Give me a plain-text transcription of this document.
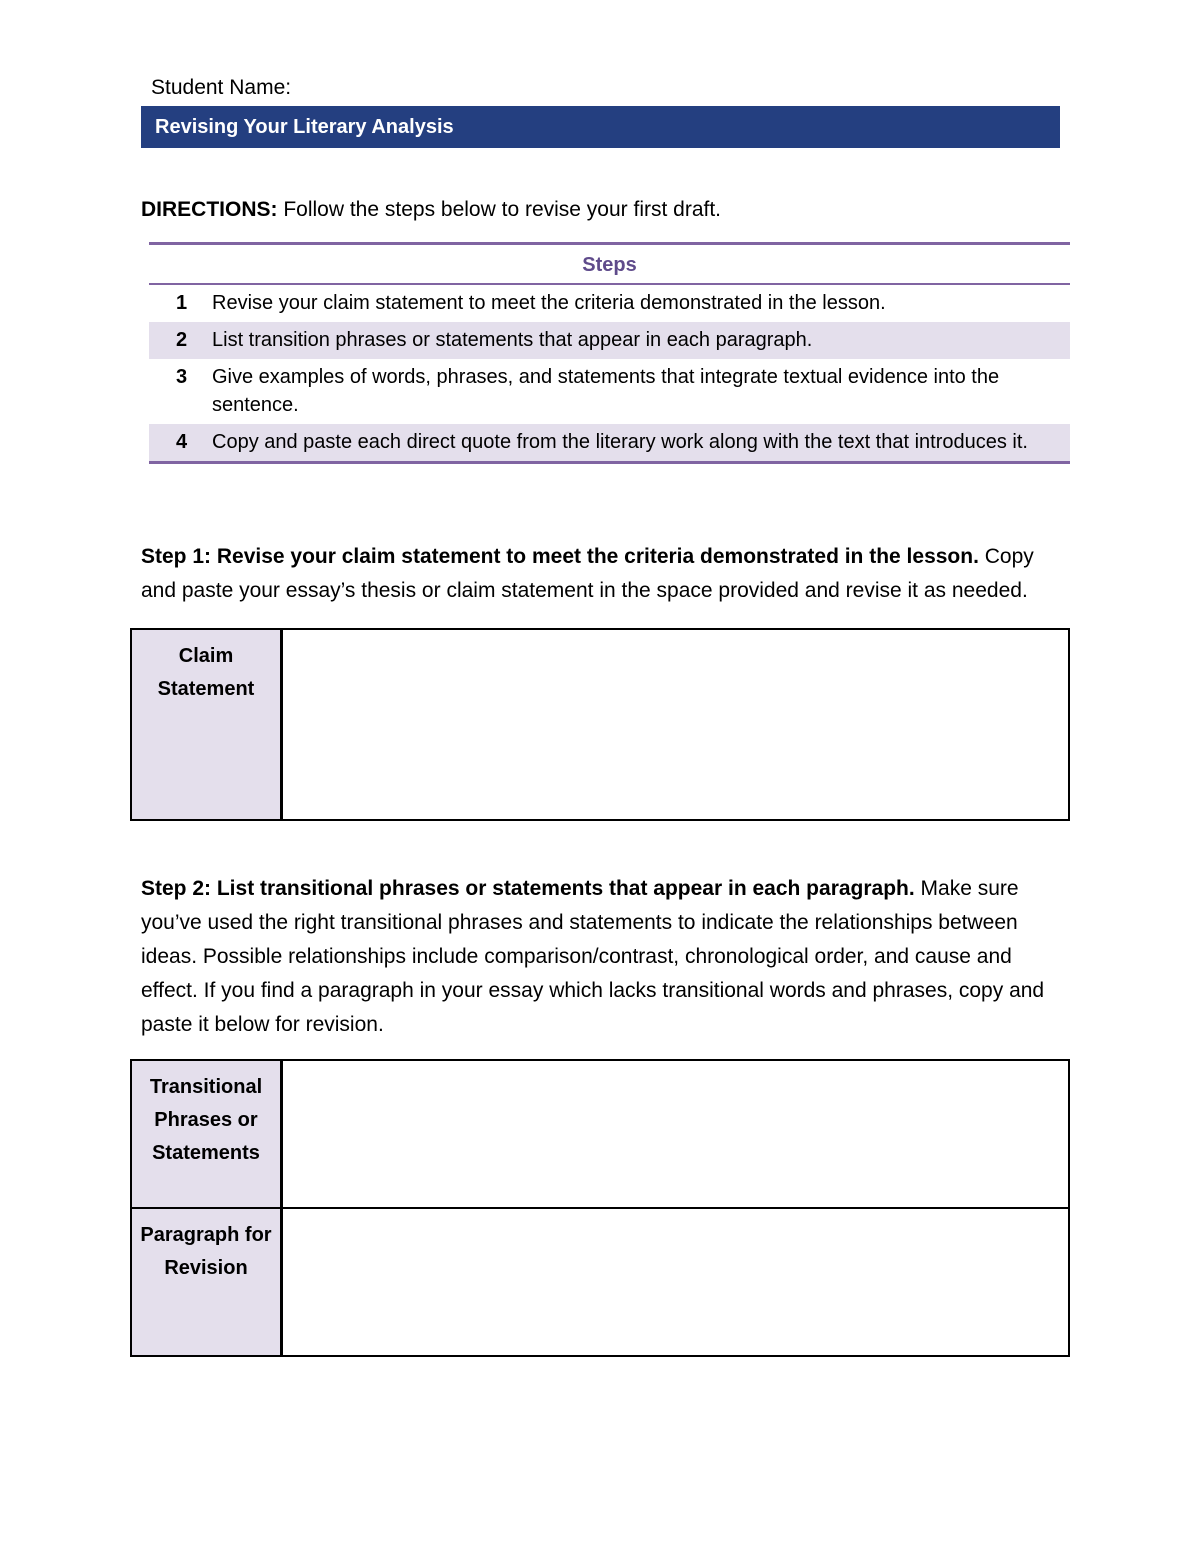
Student Name:
Revising Your Literary Analysis
DIRECTIONS: Follow the steps below to revise your first draft.
Steps
1	Revise your claim statement to meet the criteria demonstrated in the lesson.
2	List transition phrases or statements that appear in each paragraph.
3	Give examples of words, phrases, and statements that integrate textual evidence into the sentence.
4	Copy and paste each direct quote from the literary work along with the text that introduces it.
Step 1: Revise your claim statement to meet the criteria demonstrated in the lesson. Copy and paste your essay’s thesis or claim statement in the space provided and revise it as needed.
Claim Statement
Step 2: List transitional phrases or statements that appear in each paragraph. Make sure you’ve used the right transitional phrases and statements to indicate the relationships between ideas. Possible relationships include comparison/contrast, chronological order, and cause and effect. If you find a paragraph in your essay which lacks transitional words and phrases, copy and paste it below for revision.
Transitional Phrases or Statements
Paragraph for Revision
